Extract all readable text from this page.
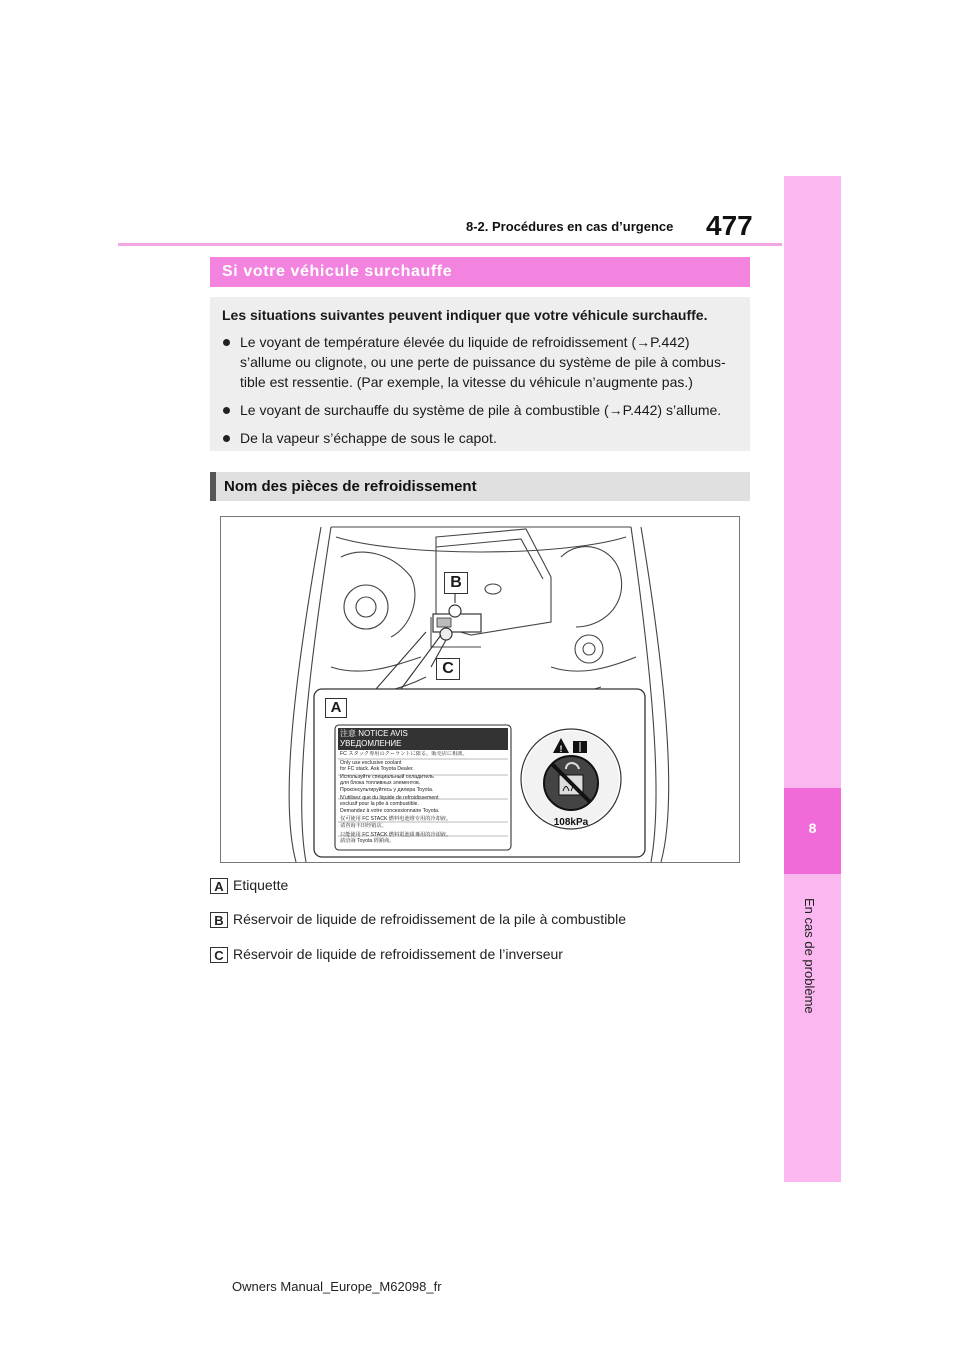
477
8-2. Procédures en cas d’urgence
8
En cas de problème
Si votre véhicule surchauffe

Les situations suivantes peuvent indiquer que votre véhicule surchauffe.

Le voyant de température élevée du liquide de refroidissement (→P.442) s’allume ou clignote, ou une perte de puissance du système de pile à combus-tible est ressentie. (Par exemple, la vitesse du véhicule n’augmente pas.)
Le voyant de surchauffe du système de pile à combustible (→P.442) s’allume.
De la vapeur s’échappe de sous le capot.
Nom des pièces de refroidissement
!
B
C
A
注意 NOTICE AVIS
УВЕДОМЛЕНИЕ
FC スタック専用のクーラントに限る。販売店に相談。
Only use exclusive coolant
for FC stack. Ask Toyota Dealer.
Используйте специальный охладитель
для блока топливных элементов.
Проконсультируйтесь у дилера Toyota.
N’utilisez que du liquide de refroidissement
exclusif pour la pile à combustible.
Demandez à votre concessionnaire Toyota.
仅可使用 FC STACK 燃料电池堆专用的冷却液。
请咨询丰田经销店。
只能使用 FC STACK 燃料電池組專用的冷卻液。
請洽詢 Toyota 經銷商。
108kPa
A Etiquette
B Réservoir de liquide de refroidissement de la pile à combustible
C Réservoir de liquide de refroidissement de l’inverseur
Owners Manual_Europe_M62098_fr
